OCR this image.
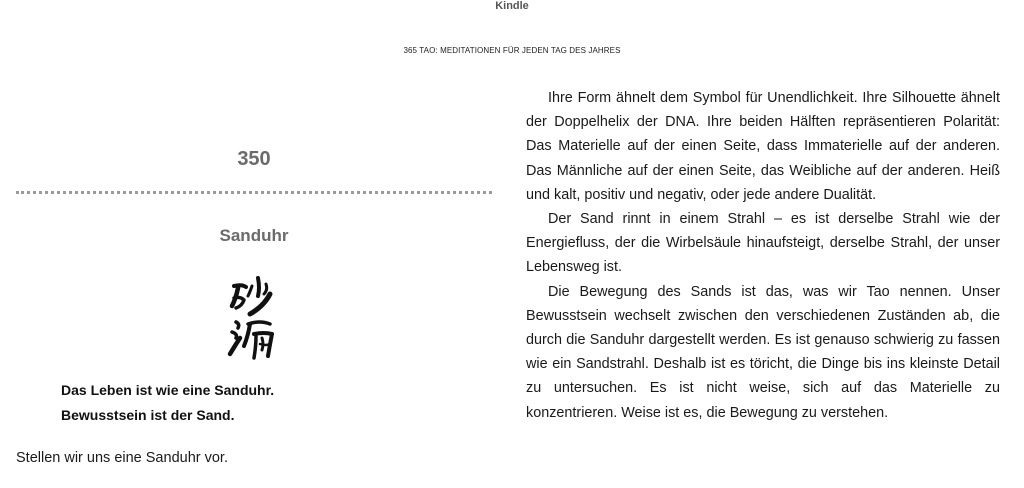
Kindle
365 TAO: MEDITATIONEN FÜR JEDEN TAG DES JAHRES
350
Sanduhr
Das Leben ist wie eine Sanduhr.
Bewusstsein ist der Sand.
Stellen wir uns eine Sanduhr vor.

Ihre Form ähnelt dem Symbol für Unendlichkeit. Ihre Silhouette ähnelt der Doppelhelix der DNA. Ihre beiden Hälften repräsentieren Polarität: Das Materielle auf der einen Seite, dass Immaterielle auf der anderen. Das Männliche auf der einen Seite, das Weibliche auf der anderen. Heiß und kalt, positiv und negativ, oder jede andere Dualität.

Der Sand rinnt in einem Strahl – es ist derselbe Strahl wie der Energiefluss, der die Wirbelsäule hinaufsteigt, derselbe Strahl, der unser Lebensweg ist.

Die Bewegung des Sands ist das, was wir Tao nennen. Unser Bewusstsein wechselt zwischen den verschiedenen Zuständen ab, die durch die Sanduhr dargestellt werden. Es ist genauso schwierig zu fassen wie ein Sandstrahl. Deshalb ist es töricht, die Dinge bis ins kleinste Detail zu untersuchen. Es ist nicht weise, sich auf das Materielle zu konzentrieren. Weise ist es, die Bewegung zu verstehen.
